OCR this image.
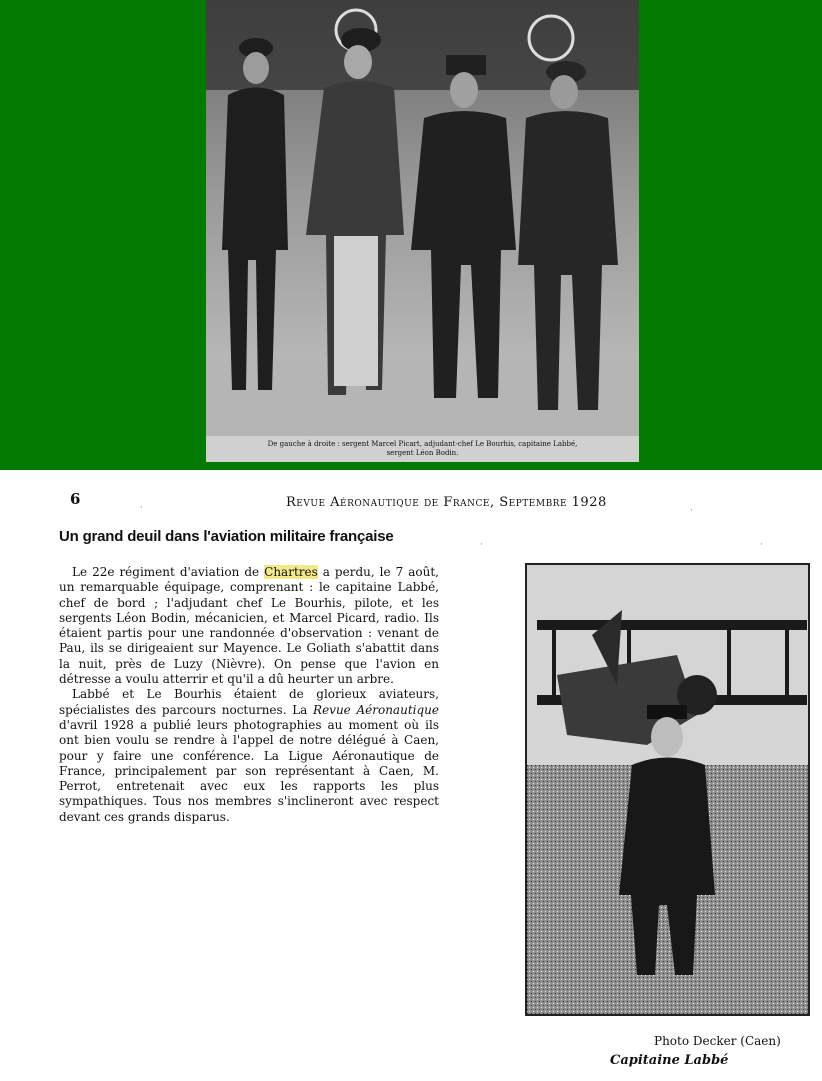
De gauche à droite : sergent Marcel Picart, adjudant-chef Le Bourhis, capitaine Labbé,
sergent Léon Bodin.
·	·
·
·
6	Revue Aéronautique de France, Septembre 1928
Un grand deuil dans l'aviation militaire française

Le 22e régiment d'aviation de Chartres a perdu, le 7 août, un remarquable équipage, comprenant : le capitaine Labbé, chef de bord ; l'adjudant chef Le Bourhis, pilote, et les sergents Léon Bodin, mécanicien, et Marcel Picard, radio. Ils étaient partis pour une randonnée d'observation : venant de Pau, ils se dirigeaient sur Mayence. Le Goliath s'abattit dans la nuit, près de Luzy (Nièvre). On pense que l'avion en détresse a voulu atterrir et qu'il a dû heurter un arbre.

Labbé et Le Bourhis étaient de glorieux aviateurs, spécialistes des parcours nocturnes. La Revue Aéronautique d'avril 1928 a publié leurs photographies au moment où ils ont bien voulu se rendre à l'appel de notre délégué à Caen, pour y faire une conférence. La Ligue Aéronautique de France, principalement par son représentant à Caen, M. Perrot, entretenait avec eux les rapports les plus sympathiques. Tous nos membres s'inclineront avec respect devant ces grands disparus.

Photo Decker (Caen)
Capitaine Labbé
